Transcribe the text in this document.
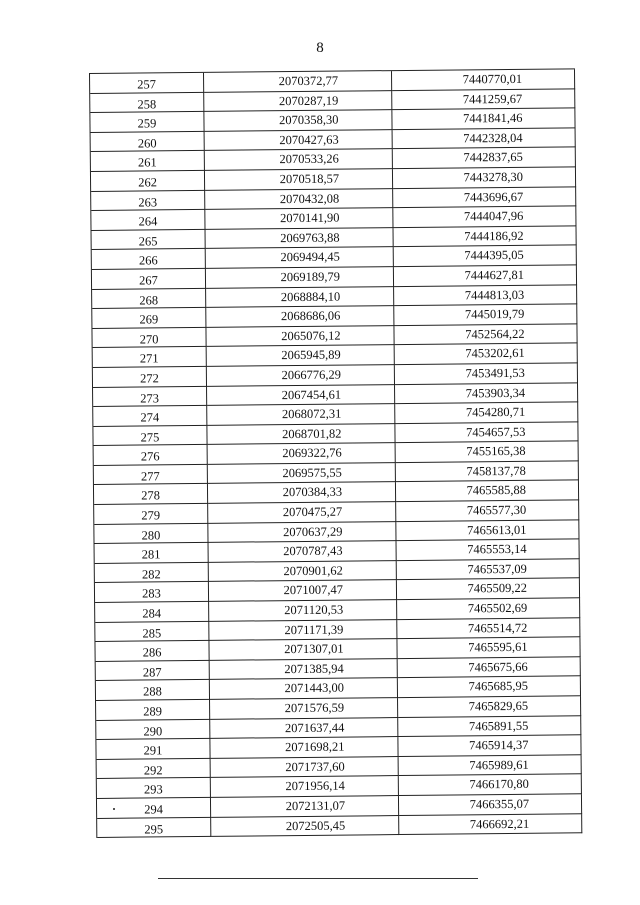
8
257	2070372,77	7440770,01
258	2070287,19	7441259,67
259	2070358,30	7441841,46
260	2070427,63	7442328,04
261	2070533,26	7442837,65
262	2070518,57	7443278,30
263	2070432,08	7443696,67
264	2070141,90	7444047,96
265	2069763,88	7444186,92
266	2069494,45	7444395,05
267	2069189,79	7444627,81
268	2068884,10	7444813,03
269	2068686,06	7445019,79
270	2065076,12	7452564,22
271	2065945,89	7453202,61
272	2066776,29	7453491,53
273	2067454,61	7453903,34
274	2068072,31	7454280,71
275	2068701,82	7454657,53
276	2069322,76	7455165,38
277	2069575,55	7458137,78
278	2070384,33	7465585,88
279	2070475,27	7465577,30
280	2070637,29	7465613,01
281	2070787,43	7465553,14
282	2070901,62	7465537,09
283	2071007,47	7465509,22
284	2071120,53	7465502,69
285	2071171,39	7465514,72
286	2071307,01	7465595,61
287	2071385,94	7465675,66
288	2071443,00	7465685,95
289	2071576,59	7465829,65
290	2071637,44	7465891,55
291	2071698,21	7465914,37
292	2071737,60	7465989,61
293	2071956,14	7466170,80
294	2072131,07	7466355,07
295	2072505,45	7466692,21
